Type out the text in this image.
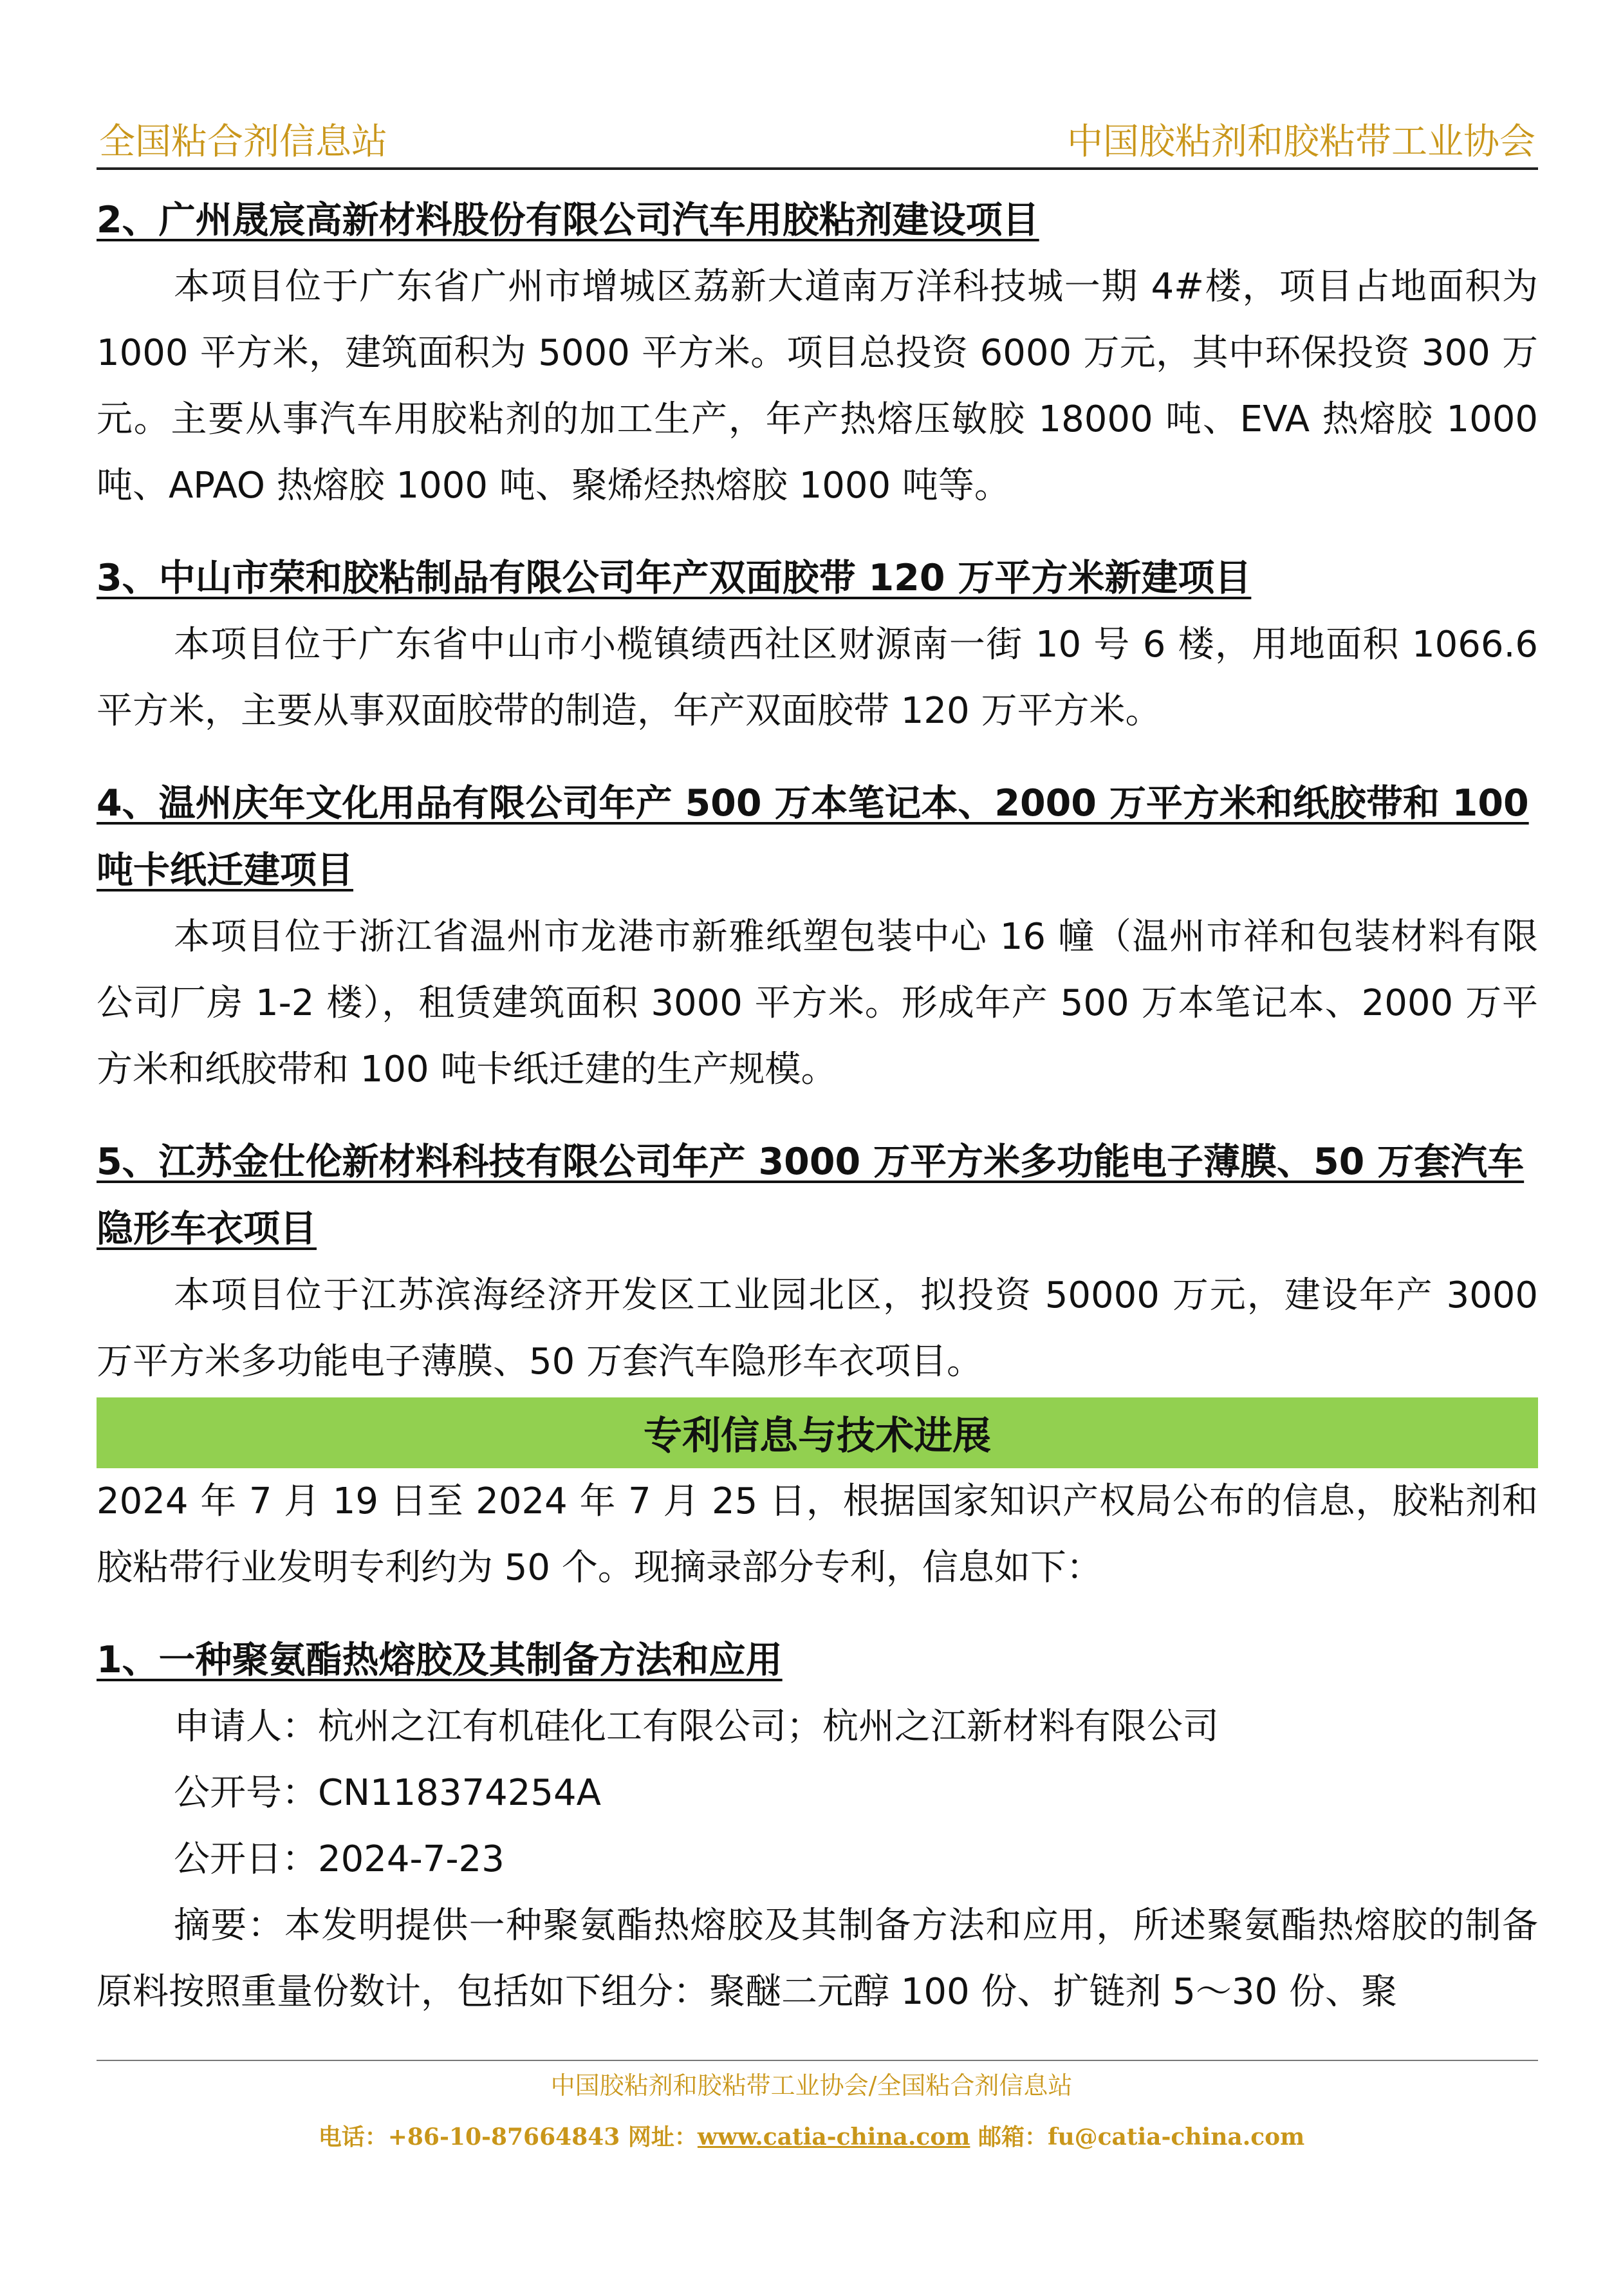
全国粘合剂信息站	中国胶粘剂和胶粘带工业协会

2、广州晟宸高新材料股份有限公司汽车用胶粘剂建设项目

本项目位于广东省广州市增城区荔新大道南万洋科技城一期 4#楼，项目占地面积为 1000 平方米，建筑面积为 5000 平方米。项目总投资 6000 万元，其中环保投资 300 万元。主要从事汽车用胶粘剂的加工生产，年产热熔压敏胶 18000 吨、EVA 热熔胶 1000 吨、APAO 热熔胶 1000 吨、聚烯烃热熔胶 1000 吨等。

3、中山市荣和胶粘制品有限公司年产双面胶带 120 万平方米新建项目

本项目位于广东省中山市小榄镇绩西社区财源南一街 10 号 6 楼，用地面积 1066.6 平方米，主要从事双面胶带的制造，年产双面胶带 120 万平方米。

4、温州庆年文化用品有限公司年产 500 万本笔记本、2000 万平方米和纸胶带和 100 吨卡纸迁建项目

本项目位于浙江省温州市龙港市新雅纸塑包装中心 16 幢（温州市祥和包装材料有限公司厂房 1-2 楼），租赁建筑面积 3000 平方米。形成年产 500 万本笔记本、2000 万平方米和纸胶带和 100 吨卡纸迁建的生产规模。

5、江苏金仕伦新材料科技有限公司年产 3000 万平方米多功能电子薄膜、50 万套汽车隐形车衣项目

本项目位于江苏滨海经济开发区工业园北区，拟投资 50000 万元，建设年产 3000 万平方米多功能电子薄膜、50 万套汽车隐形车衣项目。

专利信息与技术进展

2024 年 7 月 19 日至 2024 年 7 月 25 日，根据国家知识产权局公布的信息，胶粘剂和胶粘带行业发明专利约为 50 个。现摘录部分专利，信息如下：

1、一种聚氨酯热熔胶及其制备方法和应用

申请人：杭州之江有机硅化工有限公司；杭州之江新材料有限公司

公开号：CN118374254A

公开日：2024-7-23

摘要：本发明提供一种聚氨酯热熔胶及其制备方法和应用，所述聚氨酯热熔胶的制备原料按照重量份数计，包括如下组分：聚醚二元醇 100 份、扩链剂 5～30 份、聚

中国胶粘剂和胶粘带工业协会/全国粘合剂信息站
电话：+86-10-87664843 网址：www.catia-china.com 邮箱：fu@catia-china.com
